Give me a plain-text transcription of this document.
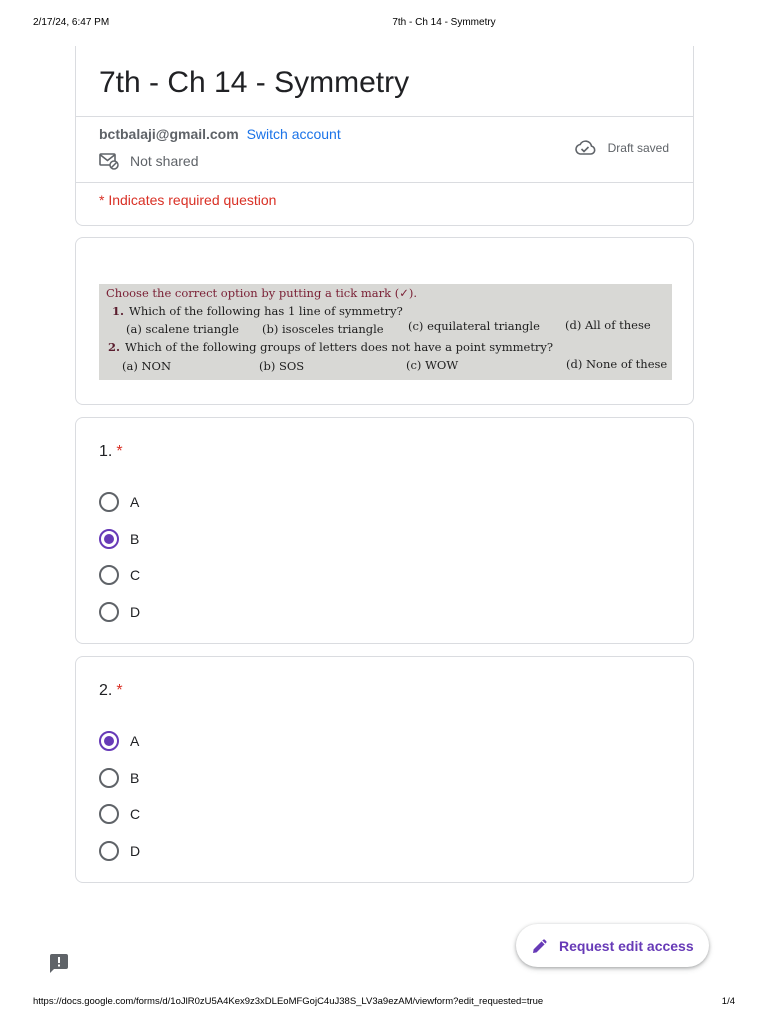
2/17/24, 6:47 PM	7th - Ch 14 - Symmetry
7th - Ch 14 - Symmetry
bctbalaji@gmail.com Switch account
Not shared
Draft saved
* Indicates required question
Choose the correct option by putting a tick mark (✓).
1. Which of the following has 1 line of symmetry?
(a) scalene triangle (b) isosceles triangle (c) equilateral triangle (d) All of these
2. Which of the following groups of letters does not have a point symmetry?
(a) NON	(b) SOS	(c) WOW	(d) None of these
1. *
A
B
C
D
2. *
A
B
C
D
Request edit access
https://docs.google.com/forms/d/1oJlR0zU5A4Kex9z3xDLEoMFGojC4uJ38S_LV3a9ezAM/viewform?edit_requested=true	1/4
